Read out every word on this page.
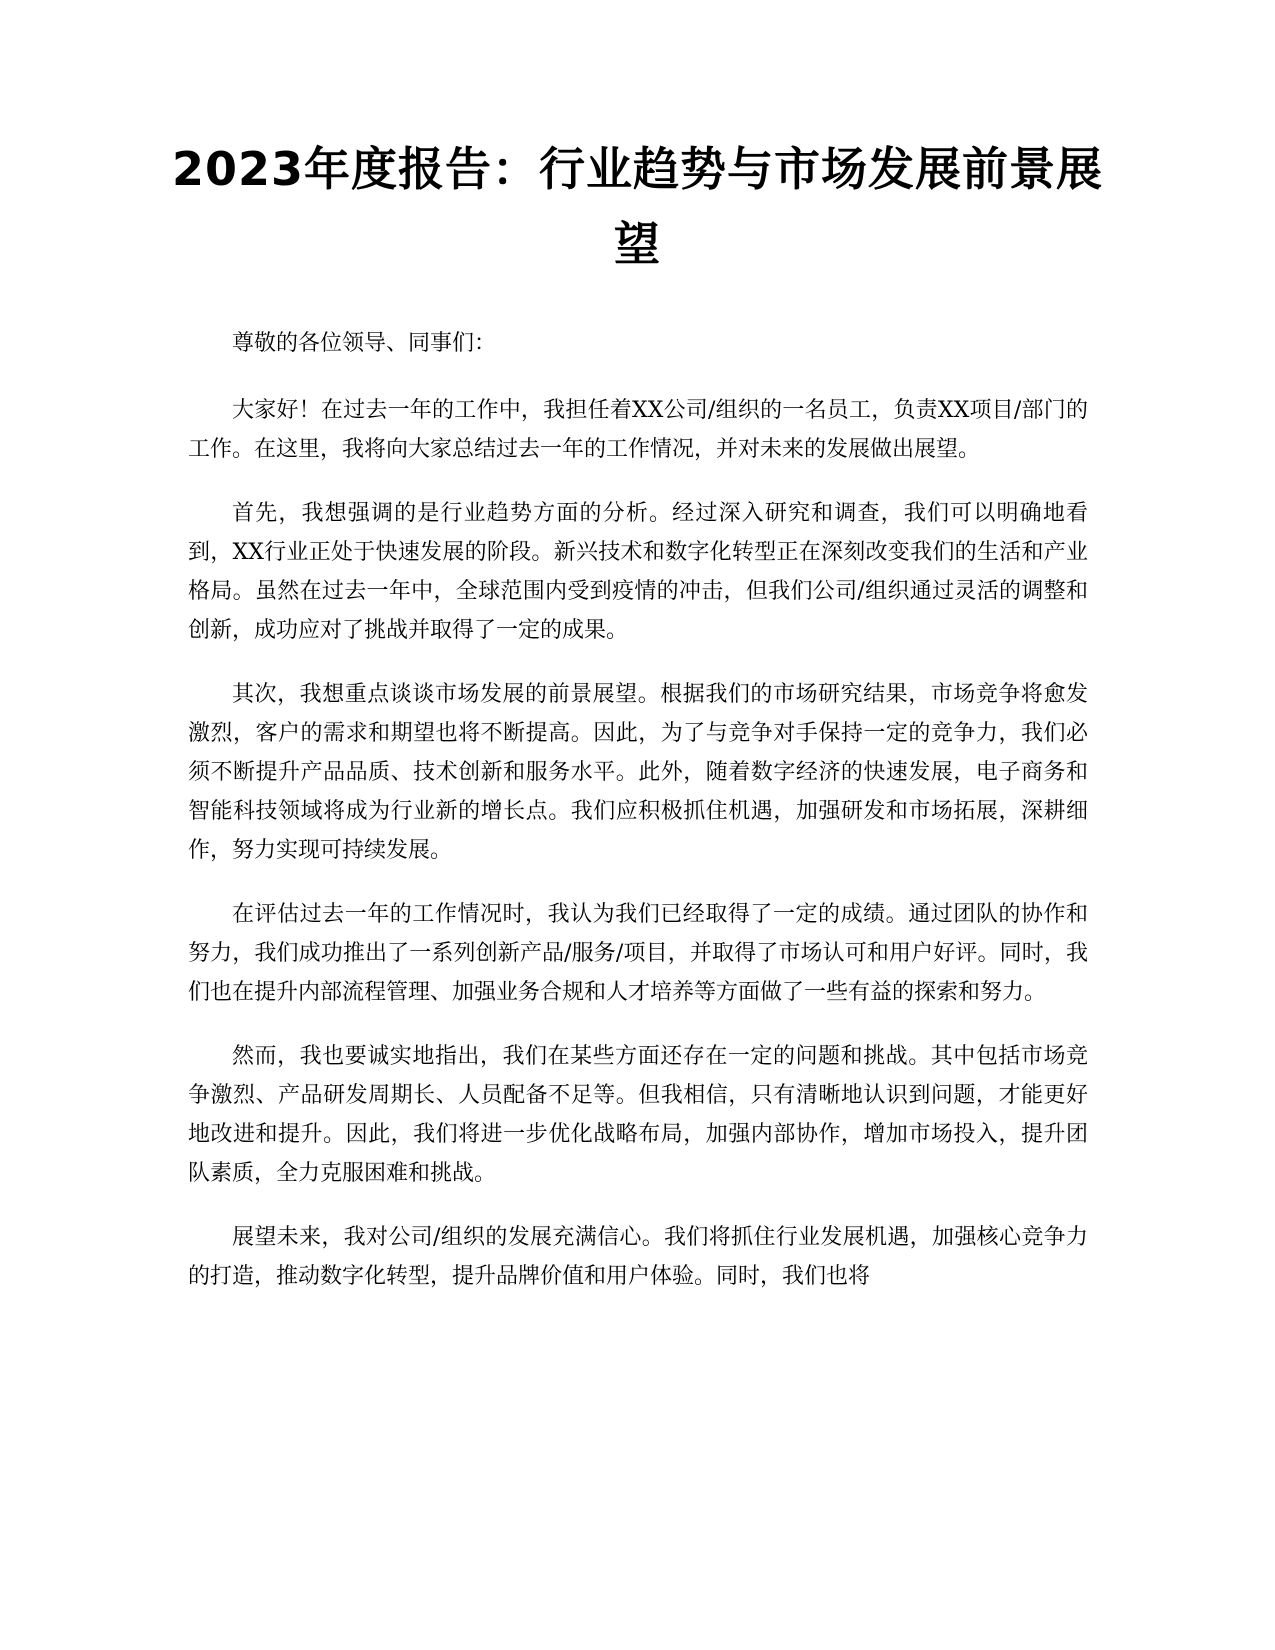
2023年度报告：行业趋势与市场发展前景展望

尊敬的各位领导、同事们：

大家好！在过去一年的工作中，我担任着XX公司/组织的一名员工，负责XX项目/部门的工作。在这里，我将向大家总结过去一年的工作情况，并对未来的发展做出展望。

首先，我想强调的是行业趋势方面的分析。经过深入研究和调查，我们可以明确地看到，XX行业正处于快速发展的阶段。新兴技术和数字化转型正在深刻改变我们的生活和产业格局。虽然在过去一年中，全球范围内受到疫情的冲击，但我们公司/组织通过灵活的调整和创新，成功应对了挑战并取得了一定的成果。

其次，我想重点谈谈市场发展的前景展望。根据我们的市场研究结果，市场竞争将愈发激烈，客户的需求和期望也将不断提高。因此，为了与竞争对手保持一定的竞争力，我们必须不断提升产品品质、技术创新和服务水平。此外，随着数字经济的快速发展，电子商务和智能科技领域将成为行业新的增长点。我们应积极抓住机遇，加强研发和市场拓展，深耕细作，努力实现可持续发展。

在评估过去一年的工作情况时，我认为我们已经取得了一定的成绩。通过团队的协作和努力，我们成功推出了一系列创新产品/服务/项目，并取得了市场认可和用户好评。同时，我们也在提升内部流程管理、加强业务合规和人才培养等方面做了一些有益的探索和努力。

然而，我也要诚实地指出，我们在某些方面还存在一定的问题和挑战。其中包括市场竞争激烈、产品研发周期长、人员配备不足等。但我相信，只有清晰地认识到问题，才能更好地改进和提升。因此，我们将进一步优化战略布局，加强内部协作，增加市场投入，提升团队素质，全力克服困难和挑战。

展望未来，我对公司/组织的发展充满信心。我们将抓住行业发展机遇，加强核心竞争力的打造，推动数字化转型，提升品牌价值和用户体验。同时，我们也将
